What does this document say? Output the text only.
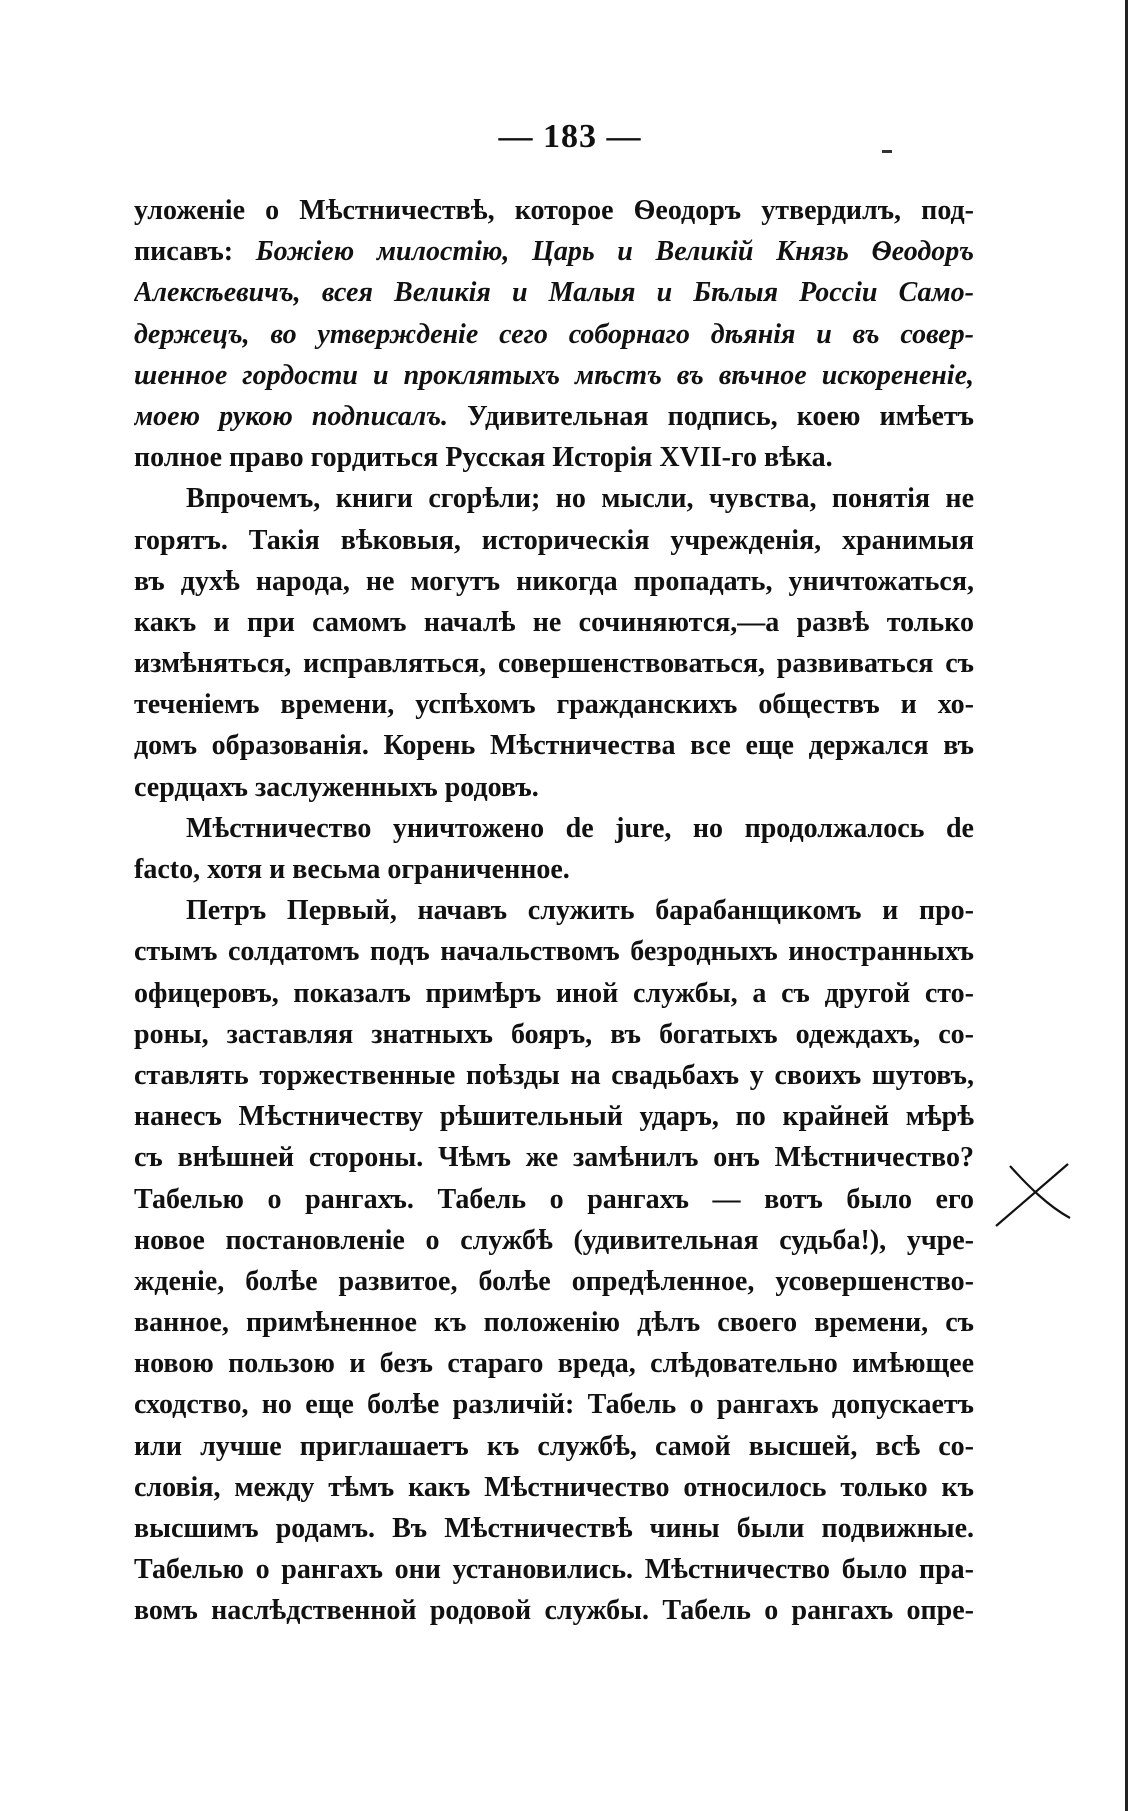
— 183 —
уложеніе о Мѣстничествѣ, которое Ѳеодоръ утвердилъ, под-
писавъ: Божіею милостію, Царь и Великій Князь Ѳеодоръ
Алексѣевичъ, всея Великія и Малыя и Бѣлыя Россіи Само-
держецъ, во утвержденіе сего соборнаго дѣянія и въ совер-
шенное гордости и проклятыхъ мѣстъ въ вѣчное искорененіе,
моею рукою подписалъ. Удивительная подпись, коею имѣетъ
полное право гордиться Русская Исторія XVII-го вѣка.
Впрочемъ, книги сгорѣли; но мысли, чувства, понятія не
горятъ. Такія вѣковыя, историческія учрежденія, хранимыя
въ духѣ народа, не могутъ никогда пропадать, уничтожаться,
какъ и при самомъ началѣ не сочиняются,—а развѣ только
измѣняться, исправляться, совершенствоваться, развиваться съ
теченіемъ времени, успѣхомъ гражданскихъ обществъ и хо-
домъ образованія. Корень Мѣстничества все еще держался въ
сердцахъ заслуженныхъ родовъ.
Мѣстничество уничтожено de jure, но продолжалось de
facto, хотя и весьма ограниченное.
Петръ Первый, начавъ служить барабанщикомъ и про-
стымъ солдатомъ подъ начальствомъ безродныхъ иностранныхъ
офицеровъ, показалъ примѣръ иной службы, а съ другой сто-
роны, заставляя знатныхъ бояръ, въ богатыхъ одеждахъ, со-
ставлять торжественные поѣзды на свадьбахъ у своихъ шутовъ,
нанесъ Мѣстничеству рѣшительный ударъ, по крайней мѣрѣ
съ внѣшней стороны. Чѣмъ же замѣнилъ онъ Мѣстничество?
Табелью о рангахъ. Табель о рангахъ — вотъ было его
новое постановленіе о службѣ (удивительная судьба!), учре-
жденіе, болѣе развитое, болѣе опредѣленное, усовершенство-
ванное, примѣненное къ положенію дѣлъ своего времени, съ
новою пользою и безъ стараго вреда, слѣдовательно имѣющее
сходство, но еще болѣе различій: Табель о рангахъ допускаетъ
или лучше приглашаетъ къ службѣ, самой высшей, всѣ со-
словія, между тѣмъ какъ Мѣстничество относилось только къ
высшимъ родамъ. Въ Мѣстничествѣ чины были подвижные.
Табелью о рангахъ они установились. Мѣстничество было пра-
вомъ наслѣдственной родовой службы. Табель о рангахъ опре-
